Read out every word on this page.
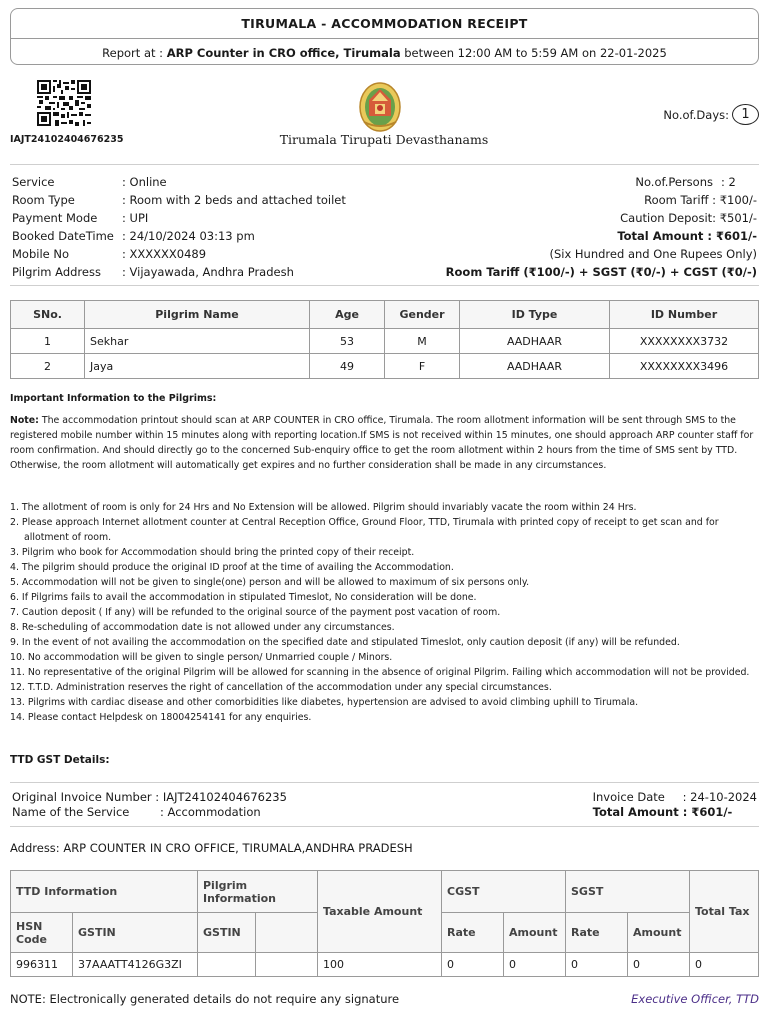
TIRUMALA - ACCOMMODATION RECEIPT
Report at : ARP Counter in CRO office, Tirumala between 12:00 AM to 5:59 AM on 22-01-2025
IAJT24102404676235	Tirumala Tirupati Devasthanams
No.of.Days: 1
Service	: Online
Room Type	: Room with 2 beds and attached toilet
Payment Mode : UPI
Booked DateTime : 24/10/2024 03:13 pm
Mobile No	: XXXXXX0489
Pilgrim Address : Vijayawada, Andhra Pradesh
No.of.Persons : 2
Room Tariff : ₹100/-
Caution Deposit: ₹501/-
Total Amount : ₹601/-
(Six Hundred and One Rupees Only)
Room Tariff (₹100/-) + SGST (₹0/-) + CGST (₹0/-)
SNo.	Pilgrim Name	Age	Gender	ID Type	ID Number
1	Sekhar	53	M	AADHAAR	XXXXXXXX3732
2	Jaya	49	F	AADHAAR	XXXXXXXX3496
Important Information to the Pilgrims:
Note: The accommodation printout should scan at ARP COUNTER in CRO office, Tirumala. The room allotment information will be sent through SMS to the registered mobile number within 15 minutes along with reporting location.If SMS is not received within 15 minutes, one should approach ARP counter staff for room confirmation. And should directly go to the concerned Sub-enquiry office to get the room allotment within 2 hours from the time of SMS sent by TTD. Otherwise, the room allotment will automatically get expires and no further consideration shall be made in any circumstances.
1. The allotment of room is only for 24 Hrs and No Extension will be allowed. Pilgrim should invariably vacate the room within 24 Hrs.
2. Please approach Internet allotment counter at Central Reception Office, Ground Floor, TTD, Tirumala with printed copy of receipt to get scan and for allotment of room.
3. Pilgrim who book for Accommodation should bring the printed copy of their receipt.
4. The pilgrim should produce the original ID proof at the time of availing the Accommodation.
5. Accommodation will not be given to single(one) person and will be allowed to maximum of six persons only.
6. If Pilgrims fails to avail the accommodation in stipulated Timeslot, No consideration will be done.
7. Caution deposit ( If any) will be refunded to the original source of the payment post vacation of room.
8. Re-scheduling of accommodation date is not allowed under any circumstances.
9. In the event of not availing the accommodation on the specified date and stipulated Timeslot, only caution deposit (if any) will be refunded.
10. No accommodation will be given to single person/ Unmarried couple / Minors.
11. No representative of the original Pilgrim will be allowed for scanning in the absence of original Pilgrim. Failing which accommodation will not be provided.
12. T.T.D. Administration reserves the right of cancellation of the accommodation under any special circumstances.
13. Pilgrims with cardiac disease and other comorbidities like diabetes, hypertension are advised to avoid climbing uphill to Tirumala.
14. Please contact Helpdesk on 18004254141 for any enquiries.
TTD GST Details:
Original Invoice Number : IAJT24102404676235
Name of the Service	: Accommodation
Invoice Date : 24-10-2024
Total Amount : ₹601/-
Address: ARP COUNTER IN CRO OFFICE, TIRUMALA,ANDHRA PRADESH
TTD Information		Pilgrim Information		Taxable Amount	CGST		SGST		Total Tax
HSN Code	GSTIN	GSTIN			Rate	Amount	Rate	Amount	
996311	37AAATT4126G3ZI			100	0	0	0	0	0
NOTE: Electronically generated details do not require any signature	Executive Officer, TTD
